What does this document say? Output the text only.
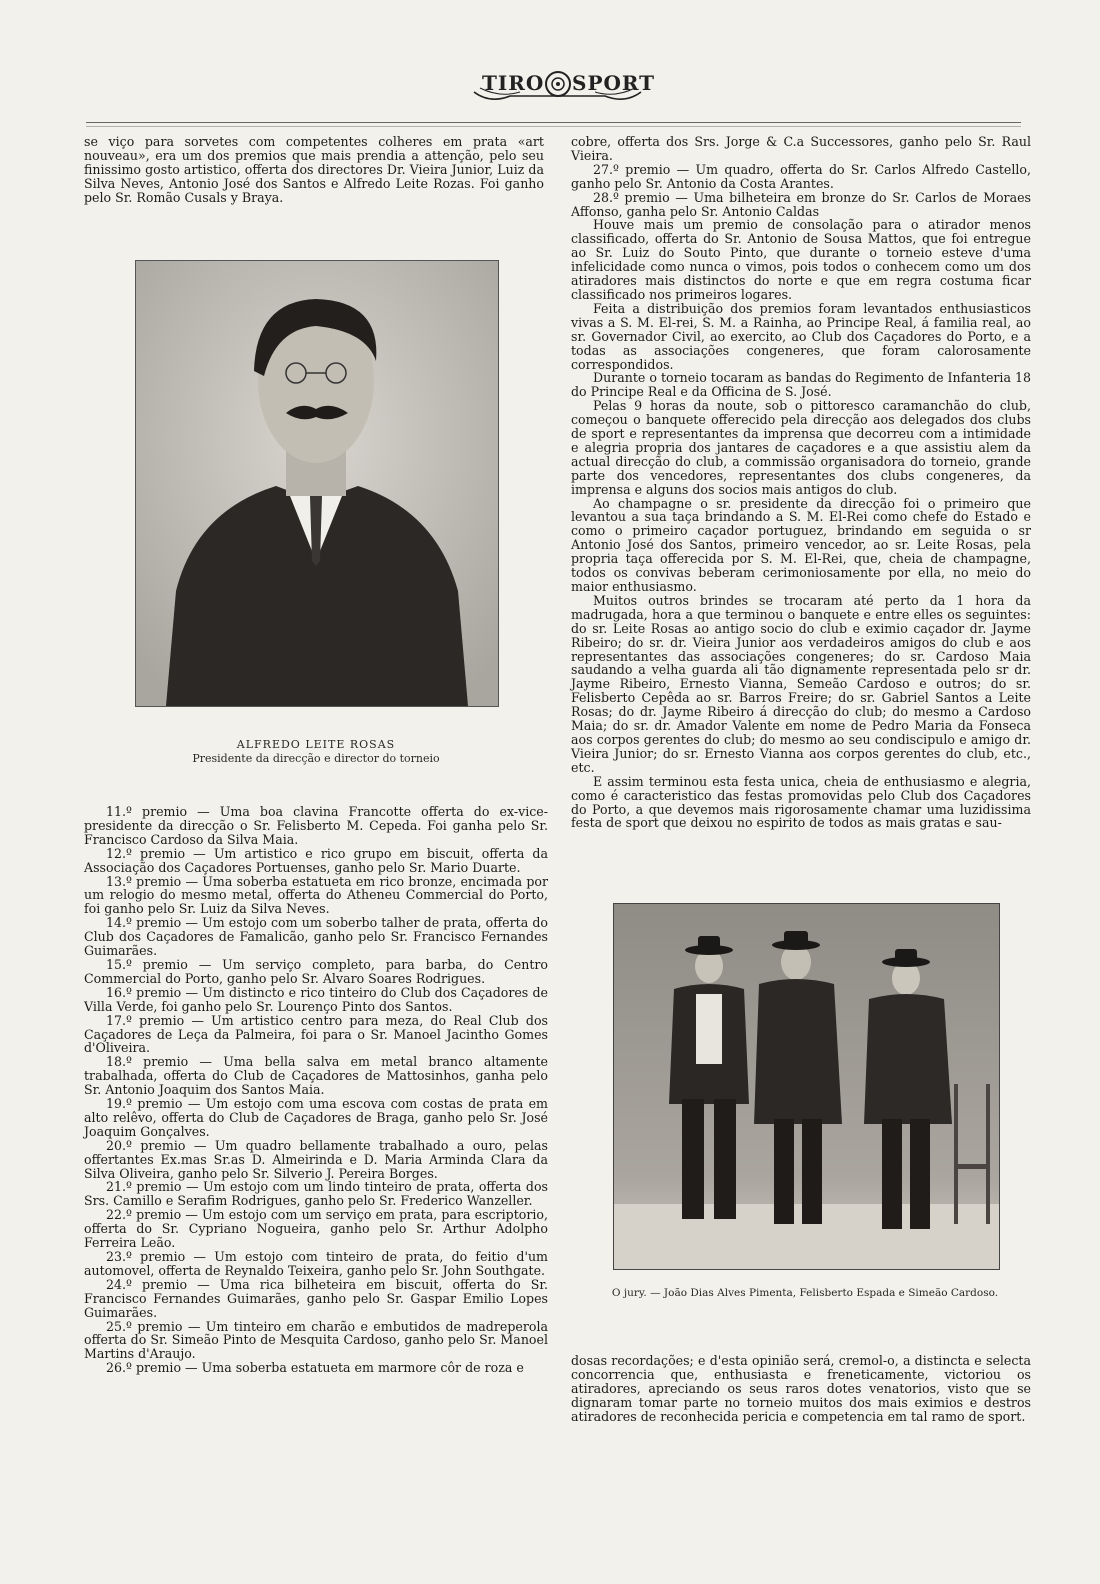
TIRO SPORT

se viço para sorvetes com competentes colheres em prata «art nouveau», era um dos premios que mais prendia a attenção, pelo seu finissimo gosto artistico, offerta dos directores Dr. Vieira Junior, Luiz da Silva Neves, Antonio José dos Santos e Alfredo Leite Rozas. Foi ganho pelo Sr. Romão Cusals y Braya.

ALFREDO LEITE ROSAS
Presidente da direcção e director do torneio

11.º premio — Uma boa clavina Francotte offerta do ex-vice-presidente da direcção o Sr. Felisberto M. Cepeda. Foi ganha pelo Sr. Francisco Cardoso da Silva Maia.

12.º premio — Um artistico e rico grupo em biscuit, offerta da Associação dos Caçadores Portuenses, ganho pelo Sr. Mario Duarte.

13.º premio — Uma soberba estatueta em rico bronze, encimada por um relogio do mesmo metal, offerta do Atheneu Commercial do Porto, foi ganho pelo Sr. Luiz da Silva Neves.

14.º premio — Um estojo com um soberbo talher de prata, offerta do Club dos Caçadores de Famalicão, ganho pelo Sr. Francisco Fernandes Guimarães.

15.º premio — Um serviço completo, para barba, do Centro Commercial do Porto, ganho pelo Sr. Alvaro Soares Rodrigues.

16.º premio — Um distincto e rico tinteiro do Club dos Caçadores de Villa Verde, foi ganho pelo Sr. Lourenço Pinto dos Santos.

17.º premio — Um artistico centro para meza, do Real Club dos Caçadores de Leça da Palmeira, foi para o Sr. Manoel Jacintho Gomes d'Oliveira.

18.º premio — Uma bella salva em metal branco altamente trabalhada, offerta do Club de Caçadores de Mattosinhos, ganha pelo Sr. Antonio Joaquim dos Santos Maia.

19.º premio — Um estojo com uma escova com costas de prata em alto relêvo, offerta do Club de Caçadores de Braga, ganho pelo Sr. José Joaquim Gonçalves.

20.º premio — Um quadro bellamente trabalhado a ouro, pelas offertantes Ex.mas Sr.as D. Almeirinda e D. Maria Arminda Clara da Silva Oliveira, ganho pelo Sr. Silverio J. Pereira Borges.

21.º premio — Um estojo com um lindo tinteiro de prata, offerta dos Srs. Camillo e Serafim Rodrigues, ganho pelo Sr. Frederico Wanzeller.

22.º premio — Um estojo com um serviço em prata, para escriptorio, offerta do Sr. Cypriano Nogueira, ganho pelo Sr. Arthur Adolpho Ferreira Leão.

23.º premio — Um estojo com tinteiro de prata, do feitio d'um automovel, offerta de Reynaldo Teixeira, ganho pelo Sr. John Southgate.

24.º premio — Uma rica bilheteira em biscuit, offerta do Sr. Francisco Fernandes Guimarães, ganho pelo Sr. Gaspar Emilio Lopes Guimarães.

25.º premio — Um tinteiro em charão e embutidos de madreperola offerta do Sr. Simeão Pinto de Mesquita Cardoso, ganho pelo Sr. Manoel Martins d'Araujo.

26.º premio — Uma soberba estatueta em marmore côr de roza e

cobre, offerta dos Srs. Jorge & C.a Successores, ganho pelo Sr. Raul Vieira.

27.º premio — Um quadro, offerta do Sr. Carlos Alfredo Castello, ganho pelo Sr. Antonio da Costa Arantes.

28.º premio — Uma bilheteira em bronze do Sr. Carlos de Moraes Affonso, ganha pelo Sr. Antonio Caldas

Houve mais um premio de consolação para o atirador menos classificado, offerta do Sr. Antonio de Sousa Mattos, que foi entregue ao Sr. Luiz do Souto Pinto, que durante o torneio esteve d'uma infelicidade como nunca o vimos, pois todos o conhecem como um dos atiradores mais distinctos do norte e que em regra costuma ficar classificado nos primeiros logares.

Feita a distribuição dos premios foram levantados enthusiasticos vivas a S. M. El-rei, S. M. a Rainha, ao Principe Real, á familia real, ao sr. Governador Civil, ao exercito, ao Club dos Caçadores do Porto, e a todas as associações congeneres, que foram calorosamente correspondidos.

Durante o torneio tocaram as bandas do Regimento de Infanteria 18 do Principe Real e da Officina de S. José.

Pelas 9 horas da noute, sob o pittoresco caramanchão do club, começou o banquete offerecido pela direcção aos delegados dos clubs de sport e representantes da imprensa que decorreu com a intimidade e alegria propria dos jantares de caçadores e a que assistiu alem da actual direcção do club, a commissão organisadora do torneio, grande parte dos vencedores, representantes dos clubs congeneres, da imprensa e alguns dos socios mais antigos do club.

Ao champagne o sr. presidente da direcção foi o primeiro que levantou a sua taça brindando a S. M. El-Rei como chefe do Estado e como o primeiro caçador portuguez, brindando em seguida o sr Antonio José dos Santos, primeiro vencedor, ao sr. Leite Rosas, pela propria taça offerecida por S. M. El-Rei, que, cheia de champagne, todos os convivas beberam cerimoniosamente por ella, no meio do maior enthusiasmo.

Muitos outros brindes se trocaram até perto da 1 hora da madrugada, hora a que terminou o banquete e entre elles os seguintes: do sr. Leite Rosas ao antigo socio do club e eximio caçador dr. Jayme Ribeiro; do sr. dr. Vieira Junior aos verdadeiros amigos do club e aos representantes das associações congeneres; do sr. Cardoso Maia saudando a velha guarda ali tão dignamente representada pelo sr dr. Jayme Ribeiro, Ernesto Vianna, Semeão Cardoso e outros; do sr. Felisberto Cepêda ao sr. Barros Freire; do sr. Gabriel Santos a Leite Rosas; do dr. Jayme Ribeiro á direcção do club; do mesmo a Cardoso Maia; do sr. dr. Amador Valente em nome de Pedro Maria da Fonseca aos corpos gerentes do club; do mesmo ao seu condiscipulo e amigo dr. Vieira Junior; do sr. Ernesto Vianna aos corpos gerentes do club, etc., etc.

E assim terminou esta festa unica, cheia de enthusiasmo e alegria, como é caracteristico das festas promovidas pelo Club dos Caçadores do Porto, a que devemos mais rigorosamente chamar uma luzidissima festa de sport que deixou no espirito de todos as mais gratas e sau-

O jury. — João Dias Alves Pimenta, Felisberto Espada e Simeão Cardoso.

dosas recordações; e d'esta opinião será, cremol-o, a distincta e selecta concorrencia que, enthusiasta e freneticamente, victoriou os atiradores, apreciando os seus raros dotes venatorios, visto que se dignaram tomar parte no torneio muitos dos mais eximios e destros atiradores de reconhecida pericia e competencia em tal ramo de sport.
